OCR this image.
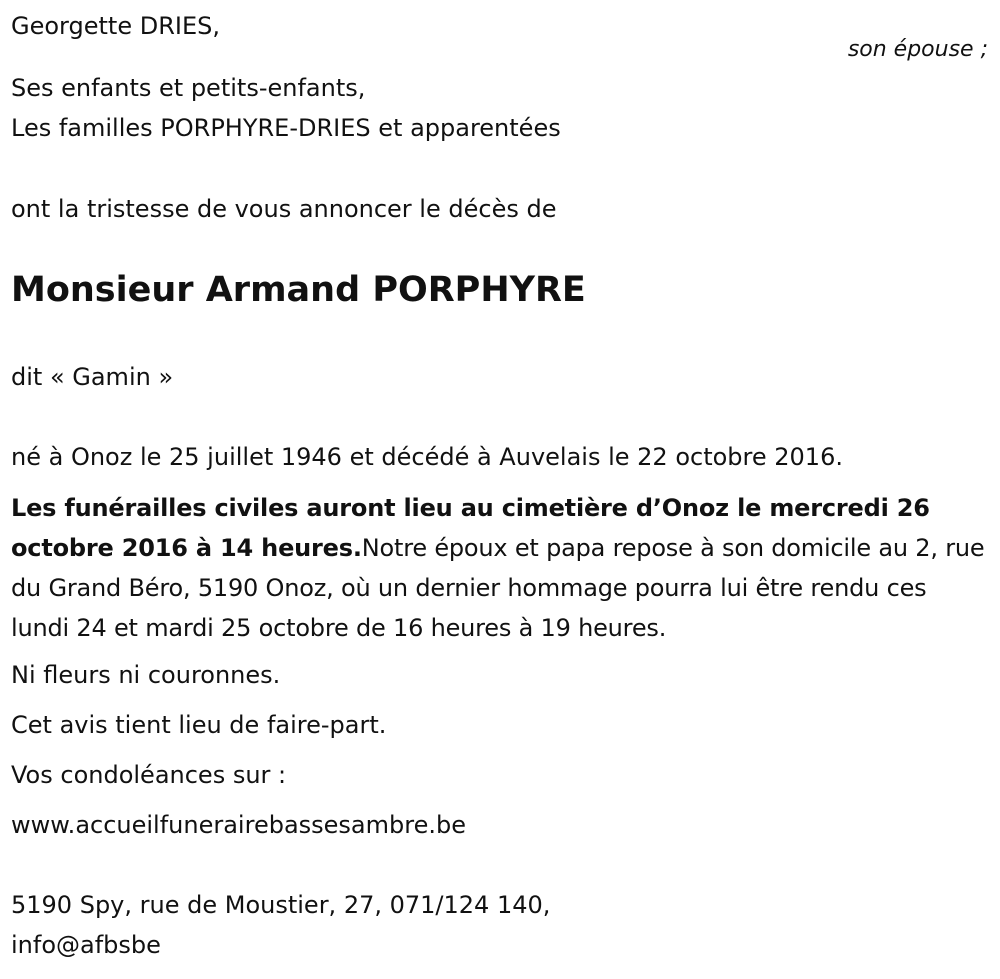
Georgette DRIES,

son épouse ;

Ses enfants et petits-enfants,

Les familles PORPHYRE-DRIES et apparentées

ont la tristesse de vous annoncer le décès de

Monsieur Armand PORPHYRE

dit « Gamin »

né à Onoz le 25 juillet 1946 et décédé à Auvelais le 22 octobre 2016.

Les funérailles civiles auront lieu au cimetière d’Onoz le mercredi 26 octobre 2016 à 14 heures.Notre époux et papa repose à son domicile au 2, rue du Grand Béro, 5190 Onoz, où un dernier hommage pourra lui être rendu ces lundi 24 et mardi 25 octobre de 16 heures à 19 heures.

Ni fleurs ni couronnes.

Cet avis tient lieu de faire-part.

Vos condoléances sur :

www.accueilfunerairebassesambre.be

5190 Spy, rue de Moustier, 27, 071/124 140,

info@afbsbe
